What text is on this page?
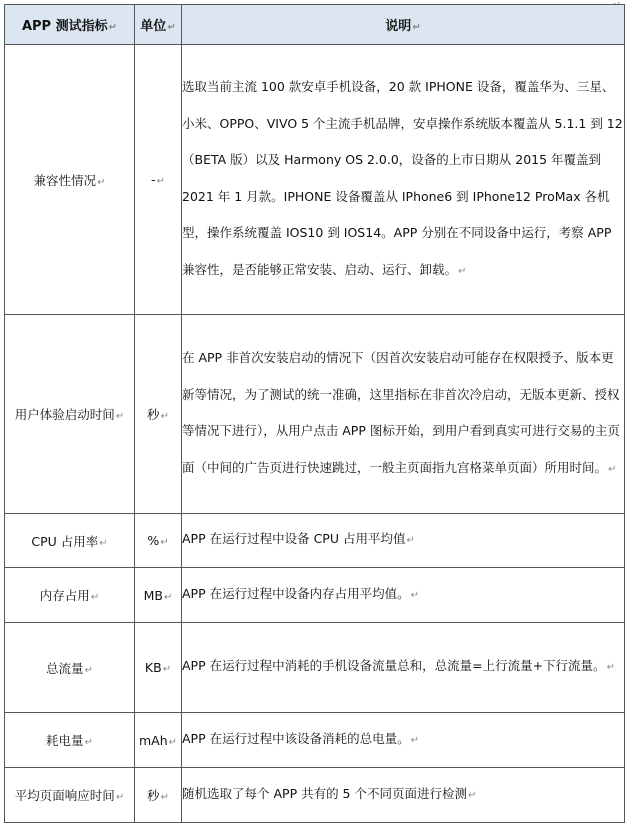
APP 测试指标↵	单位↵	说明↵
兼容性情况↵	-↵	选取当前主流 100 款安卓手机设备，20 款 IPHONE 设备，覆盖华为、三星、小米、OPPO、VIVO 5 个主流手机品牌，安卓操作系统版本覆盖从 5.1.1 到 12（BETA 版）以及 Harmony OS 2.0.0，设备的上市日期从 2015 年覆盖到 2021 年 1 月款。IPHONE 设备覆盖从 IPhone6 到 IPhone12 ProMax 各机型，操作系统覆盖 IOS10 到 IOS14。APP 分别在不同设备中运行，考察 APP 兼容性，是否能够正常安装、启动、运行、卸载。↵
用户体验启动时间↵	秒↵	在 APP 非首次安装启动的情况下（因首次安装启动可能存在权限授予、版本更新等情况，为了测试的统一准确，这里指标在非首次冷启动，无版本更新、授权等情况下进行），从用户点击 APP 图标开始，到用户看到真实可进行交易的主页面（中间的广告页进行快速跳过，一般主页面指九宫格菜单页面）所用时间。↵
CPU 占用率↵	%↵	APP 在运行过程中设备 CPU 占用平均值↵
内存占用↵	MB↵	APP 在运行过程中设备内存占用平均值。↵
总流量↵	KB↵	APP 在运行过程中消耗的手机设备流量总和，总流量=上行流量+下行流量。↵
耗电量↵	mAh↵	APP 在运行过程中该设备消耗的总电量。↵
平均页面响应时间↵	秒↵	随机选取了每个 APP 共有的 5 个不同页面进行检测↵
